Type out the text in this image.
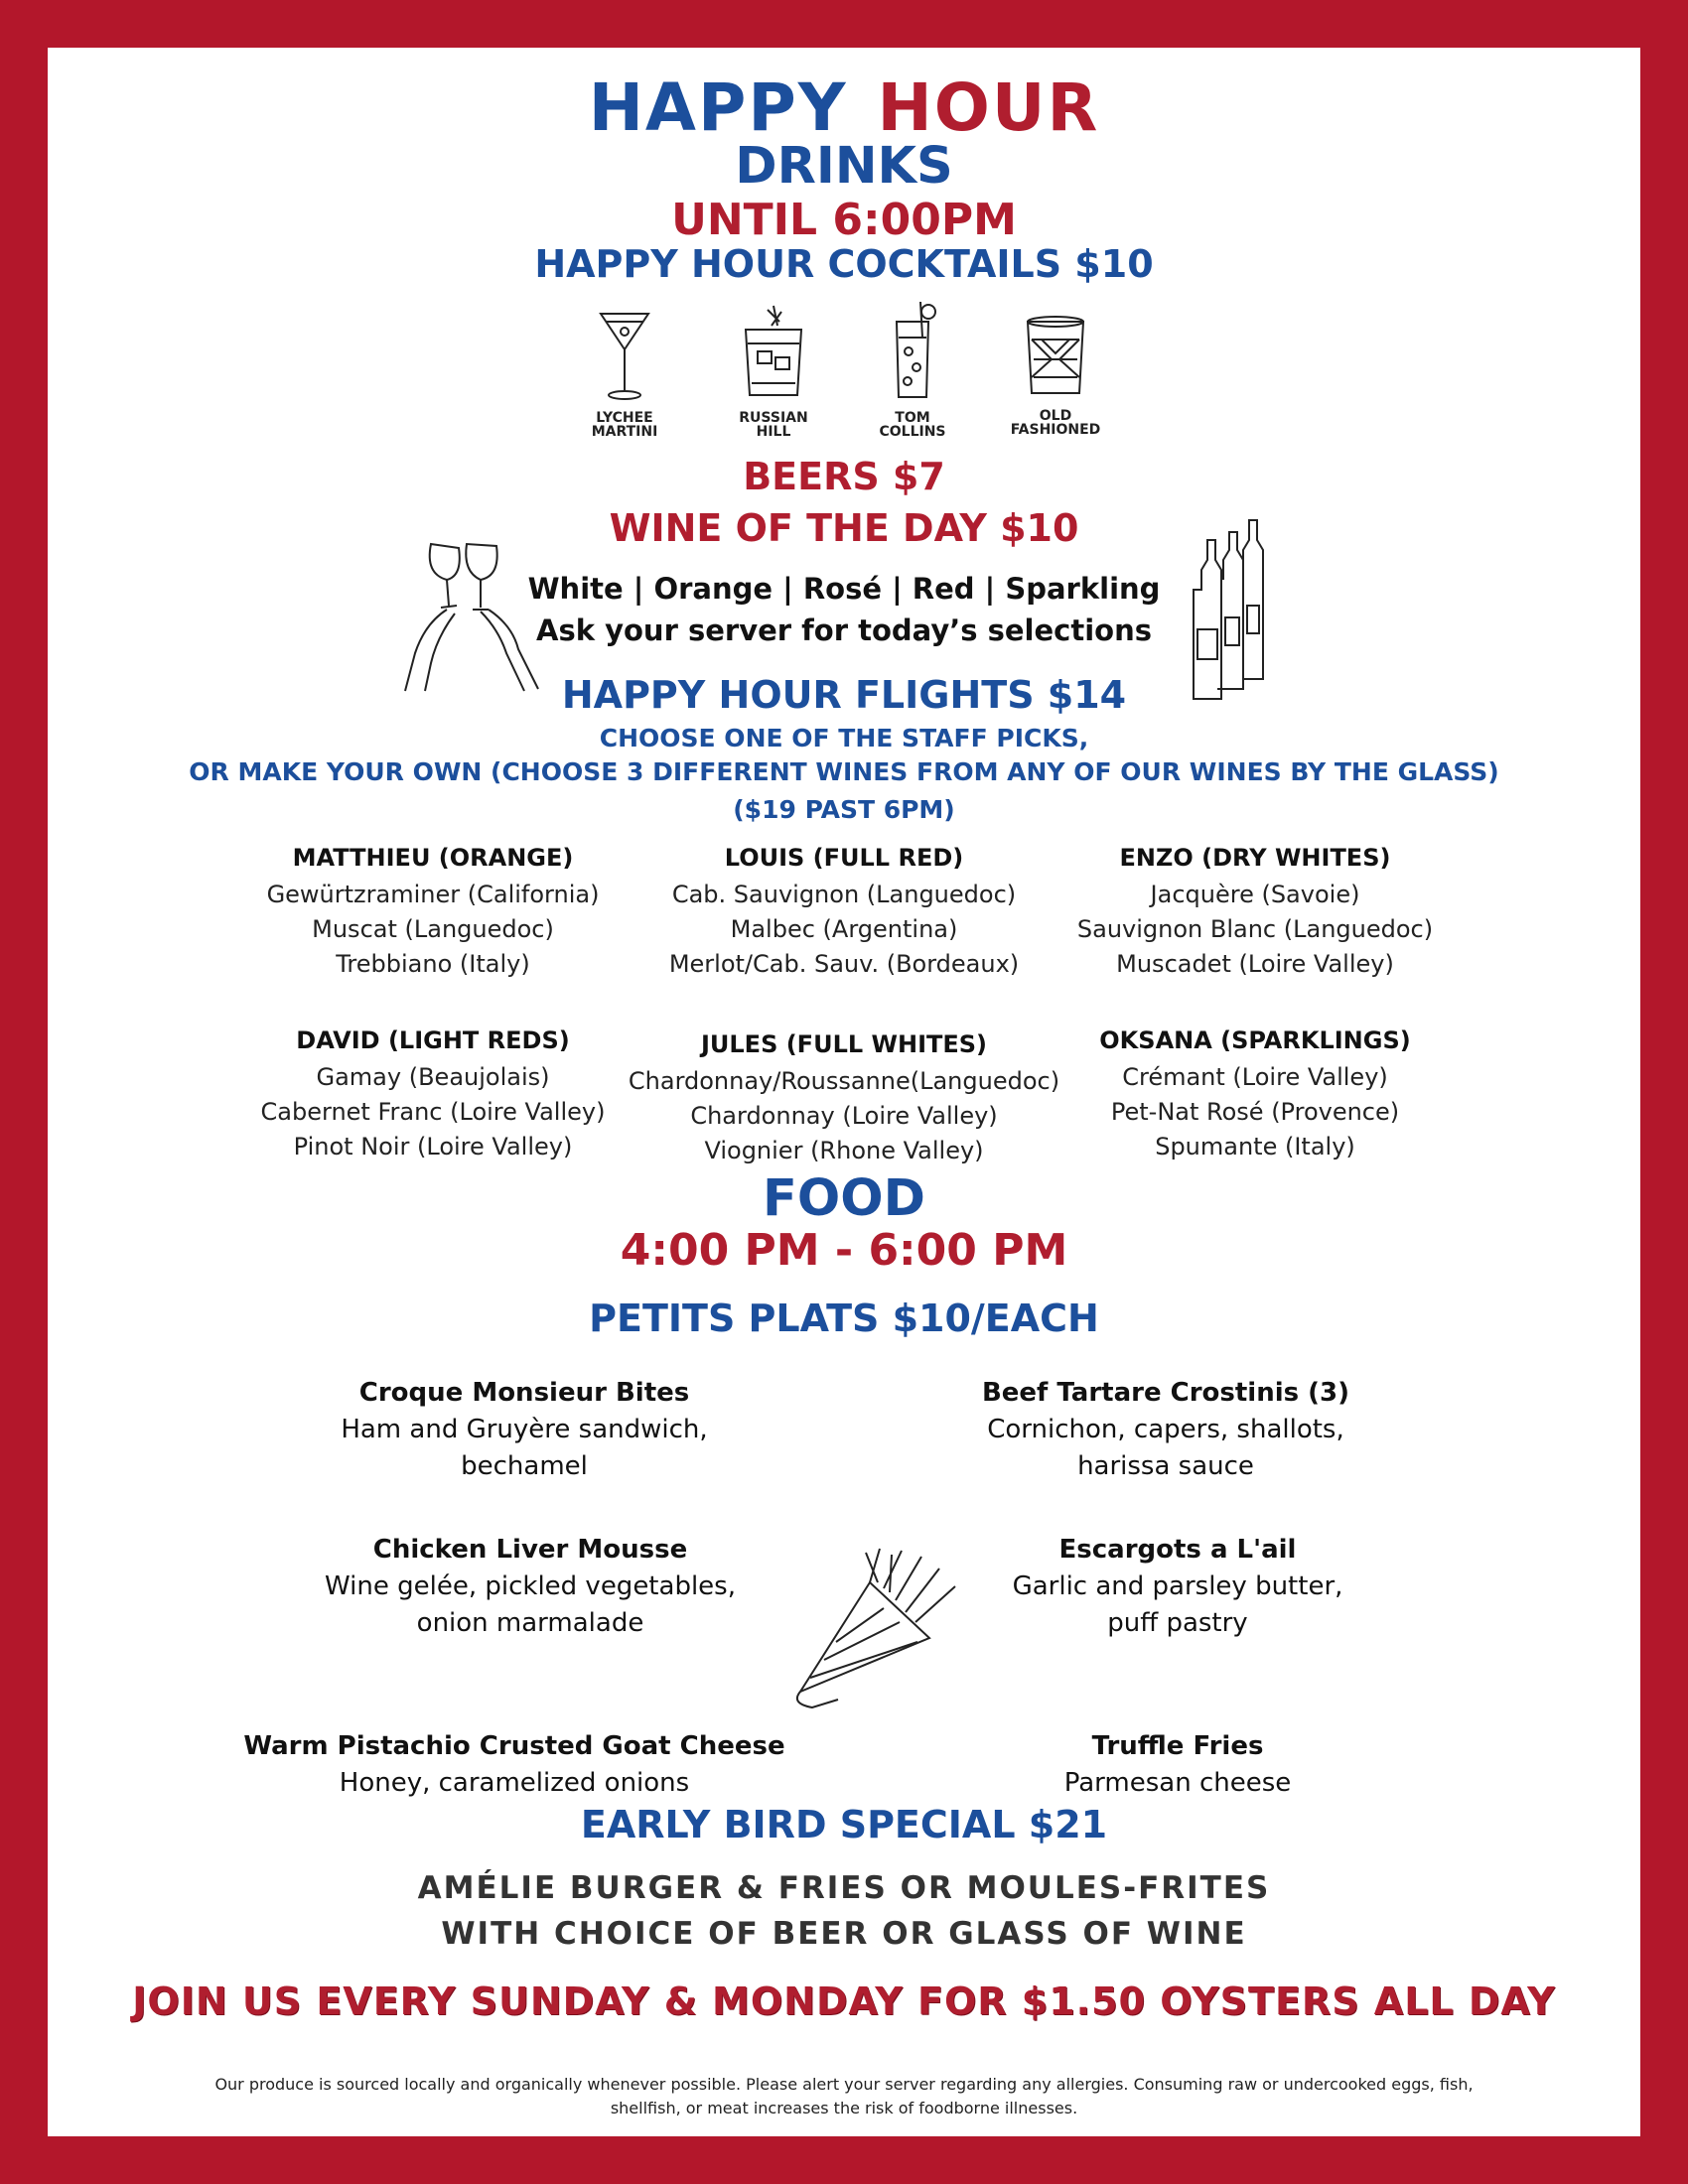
HAPPY HOUR
DRINKS
UNTIL 6:00PM
HAPPY HOUR COCKTAILS $10
LYCHEE
MARTINI
RUSSIAN
HILL
TOM
COLLINS
OLD
FASHIONED
BEERS $7
WINE OF THE DAY $10
White | Orange | Rosé | Red | Sparkling
Ask your server for today’s selections
HAPPY HOUR FLIGHTS $14
CHOOSE ONE OF THE STAFF PICKS,
OR MAKE YOUR OWN (CHOOSE 3 DIFFERENT WINES FROM ANY OF OUR WINES BY THE GLASS)
($19 PAST 6PM)
MATTHIEU (ORANGE)
Gewürtzraminer (California)
Muscat (Languedoc)
Trebbiano (Italy)
LOUIS (FULL RED)
Cab. Sauvignon (Languedoc)
Malbec (Argentina)
Merlot/Cab. Sauv. (Bordeaux)
ENZO (DRY WHITES)
Jacquère (Savoie)
Sauvignon Blanc (Languedoc)
Muscadet (Loire Valley)
DAVID (LIGHT REDS)
Gamay (Beaujolais)
Cabernet Franc (Loire Valley)
Pinot Noir (Loire Valley)
JULES (FULL WHITES)
Chardonnay/Roussanne(Languedoc)
Chardonnay (Loire Valley)
Viognier (Rhone Valley)
OKSANA (SPARKLINGS)
Crémant (Loire Valley)
Pet-Nat Rosé (Provence)
Spumante (Italy)
FOOD
4:00 PM - 6:00 PM
PETITS PLATS $10/EACH
Croque Monsieur Bites
Ham and Gruyère sandwich,
bechamel
Beef Tartare Crostinis (3)
Cornichon, capers, shallots,
harissa sauce
Chicken Liver Mousse
Wine gelée, pickled vegetables,
onion marmalade
Escargots a L'ail
Garlic and parsley butter,
puff pastry
Warm Pistachio Crusted Goat Cheese
Honey, caramelized onions
Truffle Fries
Parmesan cheese
EARLY BIRD SPECIAL $21
AMÉLIE BURGER & FRIES OR MOULES-FRITES
WITH CHOICE OF BEER OR GLASS OF WINE
JOIN US EVERY SUNDAY & MONDAY FOR $1.50 OYSTERS ALL DAY
Our produce is sourced locally and organically whenever possible. Please alert your server regarding any allergies. Consuming raw or undercooked eggs, fish,
shellfish, or meat increases the risk of foodborne illnesses.
